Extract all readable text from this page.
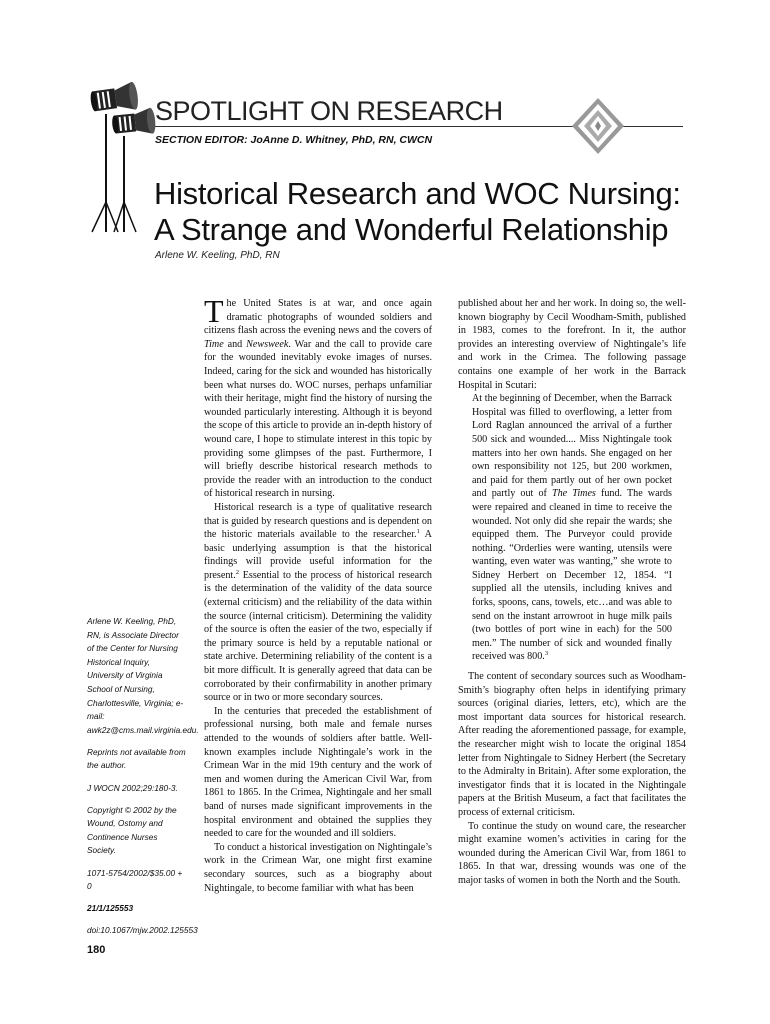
SPOTLIGHT ON RESEARCH
SECTION EDITOR: JoAnne D. Whitney, PhD, RN, CWCN
Historical Research and WOC Nursing:
A Strange and Wonderful Relationship
Arlene W. Keeling, PhD, RN

Arlene W. Keeling, PhD, RN, is Associate Director of the Center for Nursing Historical Inquiry, University of Virginia School of Nursing, Charlottesville, Virginia; e-mail: awk2z@cms.mail.virginia.edu.

Reprints not available from the author.

J WOCN 2002;29:180-3.

Copyright © 2002 by the Wound, Ostomy and Continence Nurses Society.

1071-5754/2002/$35.00 + 0

21/1/125553

doi:10.1067/mjw.2002.125553

180

The United States is at war, and once again dramatic photographs of wounded soldiers and citizens flash across the evening news and the covers of Time and Newsweek. War and the call to provide care for the wounded inevitably evoke images of nurses. Indeed, caring for the sick and wounded has historically been what nurses do. WOC nurses, perhaps unfamiliar with their heritage, might find the history of nursing the wounded particularly interesting. Although it is beyond the scope of this article to provide an in-depth history of wound care, I hope to stimulate interest in this topic by providing some glimpses of the past. Furthermore, I will briefly describe historical research methods to provide the reader with an introduction to the conduct of historical research in nursing.

Historical research is a type of qualitative research that is guided by research questions and is dependent on the historic materials available to the researcher.$^1$ A basic underlying assumption is that the historical findings will provide useful information for the present.$^2$ Essential to the process of historical research is the determination of the validity of the data source (external criticism) and the reliability of the data within the source (internal criticism). Determining the validity of the source is often the easier of the two, especially if the primary source is held by a reputable national or state archive. Determining reliability of the content is a bit more difficult. It is generally agreed that data can be corroborated by their confirmability in another primary source or in two or more secondary sources.

In the centuries that preceded the establishment of professional nursing, both male and female nurses attended to the wounds of soldiers after battle. Well-known examples include Nightingale’s work in the Crimean War in the mid 19th century and the work of men and women during the American Civil War, from 1861 to 1865. In the Crimea, Nightingale and her small band of nurses made significant improvements in the hospital environment and obtained the supplies they needed to care for the wounded and ill soldiers.

To conduct a historical investigation on Nightingale’s work in the Crimean War, one might first examine secondary sources, such as a biography about Nightingale, to become familiar with what has been

published about her and her work. In doing so, the well-known biography by Cecil Woodham-Smith, published in 1983, comes to the forefront. In it, the author provides an interesting overview of Nightingale’s life and work in the Crimea. The following passage contains one example of her work in the Barrack Hospital in Scutari:

At the beginning of December, when the Barrack Hospital was filled to overflowing, a letter from Lord Raglan announced the arrival of a further 500 sick and wounded.... Miss Nightingale took matters into her own hands. She engaged on her own responsibility not 125, but 200 workmen, and paid for them partly out of her own pocket and partly out of The Times fund. The wards were repaired and cleaned in time to receive the wounded. Not only did she repair the wards; she equipped them. The Purveyor could provide nothing. “Orderlies were wanting, utensils were wanting, even water was wanting,” she wrote to Sidney Herbert on December 12, 1854. “I supplied all the utensils, including knives and forks, spoons, cans, towels, etc…and was able to send on the instant arrowroot in huge milk pails (two bottles of port wine in each) for the 500 men.” The number of sick and wounded finally received was 800.$^3$

The content of secondary sources such as Woodham-Smith’s biography often helps in identifying primary sources (original diaries, letters, etc), which are the most important data sources for historical research. After reading the aforementioned passage, for example, the researcher might wish to locate the original 1854 letter from Nightingale to Sidney Herbert (the Secretary to the Admiralty in Britain). After some exploration, the investigator finds that it is located in the Nightingale papers at the British Museum, a fact that facilitates the process of external criticism.

To continue the study on wound care, the researcher might examine women’s activities in caring for the wounded during the American Civil War, from 1861 to 1865. In that war, dressing wounds was one of the major tasks of women in both the North and the South.
